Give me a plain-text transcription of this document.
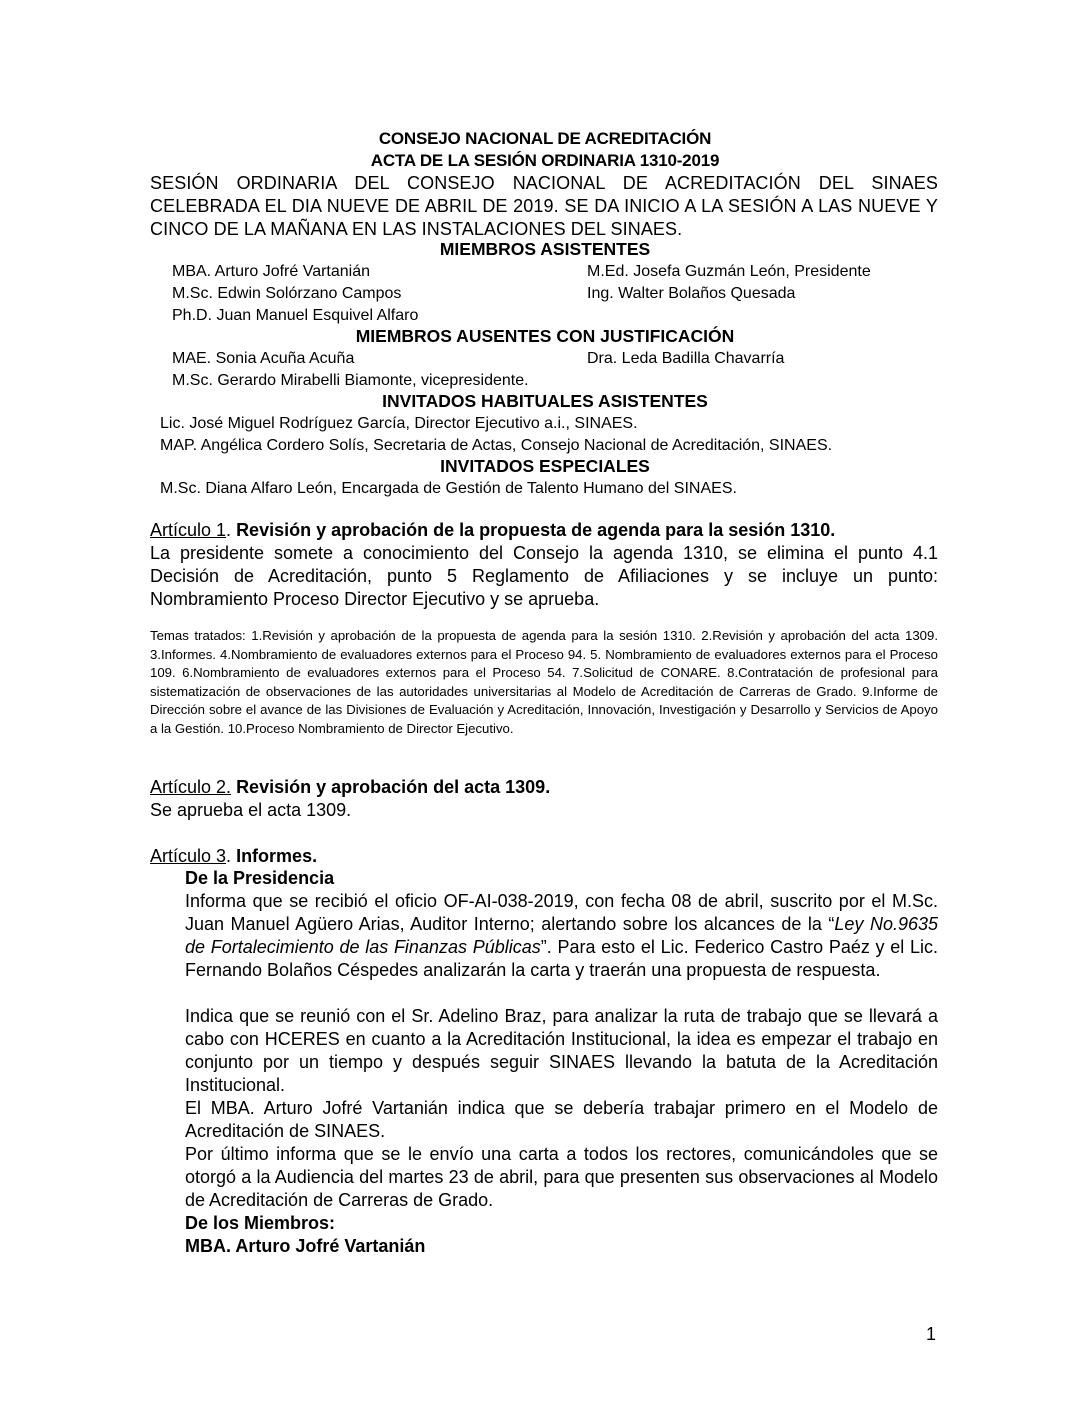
CONSEJO NACIONAL DE ACREDITACIÓN
ACTA DE LA SESIÓN ORDINARIA 1310-2019
SESIÓN ORDINARIA DEL CONSEJO NACIONAL DE ACREDITACIÓN DEL SINAES CELEBRADA EL DIA NUEVE DE ABRIL DE 2019. SE DA INICIO A LA SESIÓN A LAS NUEVE Y CINCO DE LA MAÑANA EN LAS INSTALACIONES DEL SINAES.
MIEMBROS ASISTENTES
MBA. Arturo Jofré Vartanián	M.Ed. Josefa Guzmán León, Presidente
M.Sc. Edwin Solórzano Campos	Ing. Walter Bolaños Quesada
Ph.D. Juan Manuel Esquivel Alfaro
MIEMBROS AUSENTES CON JUSTIFICACIÓN
MAE. Sonia Acuña Acuña	Dra. Leda Badilla Chavarría
M.Sc. Gerardo Mirabelli Biamonte, vicepresidente.
INVITADOS HABITUALES ASISTENTES
Lic. José Miguel Rodríguez García, Director Ejecutivo a.i., SINAES.
MAP. Angélica Cordero Solís, Secretaria de Actas, Consejo Nacional de Acreditación, SINAES.
INVITADOS ESPECIALES
M.Sc. Diana Alfaro León, Encargada de Gestión de Talento Humano del SINAES.
Artículo 1. Revisión y aprobación de la propuesta de agenda para la sesión 1310.
La presidente somete a conocimiento del Consejo la agenda 1310, se elimina el punto 4.1 Decisión de Acreditación, punto 5 Reglamento de Afiliaciones y se incluye un punto: Nombramiento Proceso Director Ejecutivo y se aprueba.
Temas tratados: 1.Revisión y aprobación de la propuesta de agenda para la sesión 1310. 2.Revisión y aprobación del acta 1309. 3.Informes. 4.Nombramiento de evaluadores externos para el Proceso 94. 5. Nombramiento de evaluadores externos para el Proceso 109. 6.Nombramiento de evaluadores externos para el Proceso 54. 7.Solicitud de CONARE. 8.Contratación de profesional para sistematización de observaciones de las autoridades universitarias al Modelo de Acreditación de Carreras de Grado. 9.Informe de Dirección sobre el avance de las Divisiones de Evaluación y Acreditación, Innovación, Investigación y Desarrollo y Servicios de Apoyo a la Gestión. 10.Proceso Nombramiento de Director Ejecutivo.
Artículo 2. Revisión y aprobación del acta 1309.
Se aprueba el acta 1309.
Artículo 3. Informes.
De la Presidencia
Informa que se recibió el oficio OF-AI-038-2019, con fecha 08 de abril, suscrito por el M.Sc. Juan Manuel Agüero Arias, Auditor Interno; alertando sobre los alcances de la “Ley No.9635 de Fortalecimiento de las Finanzas Públicas”. Para esto el Lic. Federico Castro Paéz y el Lic. Fernando Bolaños Céspedes analizarán la carta y traerán una propuesta de respuesta.
Indica que se reunió con el Sr. Adelino Braz, para analizar la ruta de trabajo que se llevará a cabo con HCERES en cuanto a la Acreditación Institucional, la idea es empezar el trabajo en conjunto por un tiempo y después seguir SINAES llevando la batuta de la Acreditación Institucional.
El MBA. Arturo Jofré Vartanián indica que se debería trabajar primero en el Modelo de Acreditación de SINAES.
Por último informa que se le envío una carta a todos los rectores, comunicándoles que se otorgó a la Audiencia del martes 23 de abril, para que presenten sus observaciones al Modelo de Acreditación de Carreras de Grado.
De los Miembros:
MBA. Arturo Jofré Vartanián
1
